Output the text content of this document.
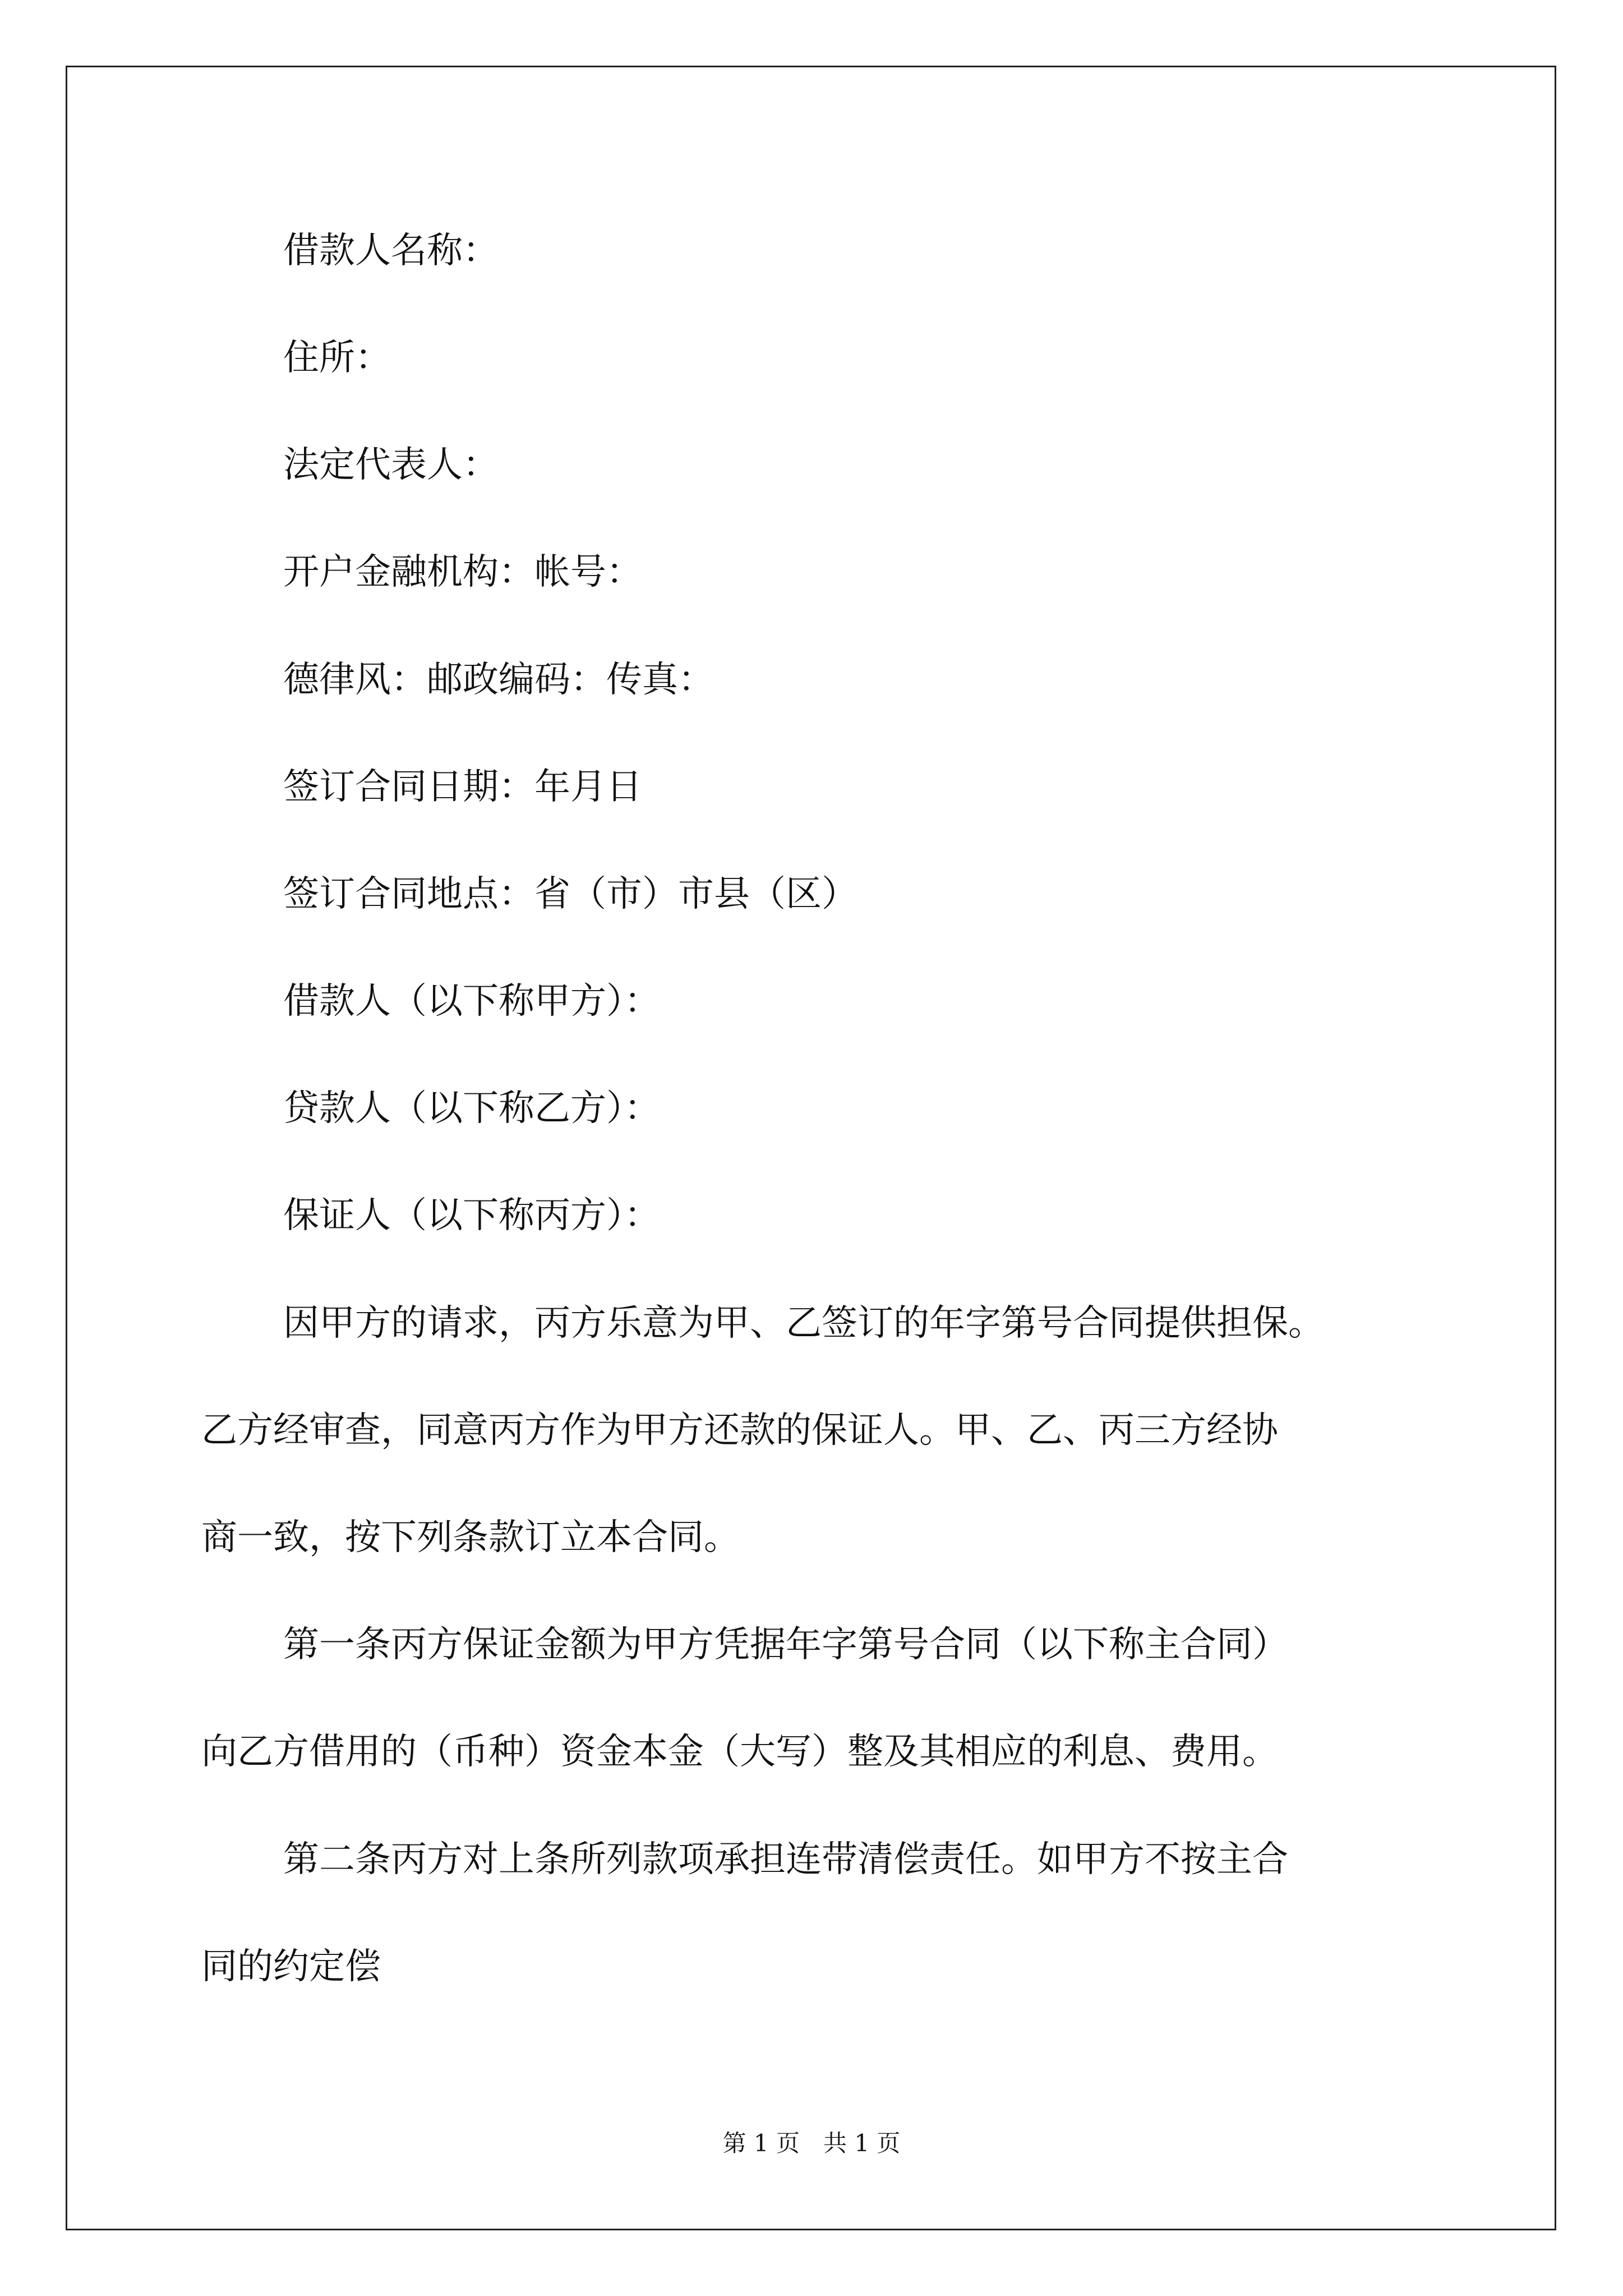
借款人名称：
住所：
法定代表人：
开户金融机构：帐号：
德律风：邮政编码：传真：
签订合同日期：年月日
签订合同地点：省（市）市县（区）
借款人（以下称甲方）：
贷款人（以下称乙方）：
保证人（以下称丙方）：
因甲方的请求，丙方乐意为甲、乙签订的年字第号合同提供担保。
乙方经审查，同意丙方作为甲方还款的保证人。甲、乙、丙三方经协
商一致，按下列条款订立本合同。
第一条丙方保证金额为甲方凭据年字第号合同（以下称主合同）
向乙方借用的（币种）资金本金（大写）整及其相应的利息、费用。
第二条丙方对上条所列款项承担连带清偿责任。如甲方不按主合
同的约定偿
第 1 页　共 1 页
